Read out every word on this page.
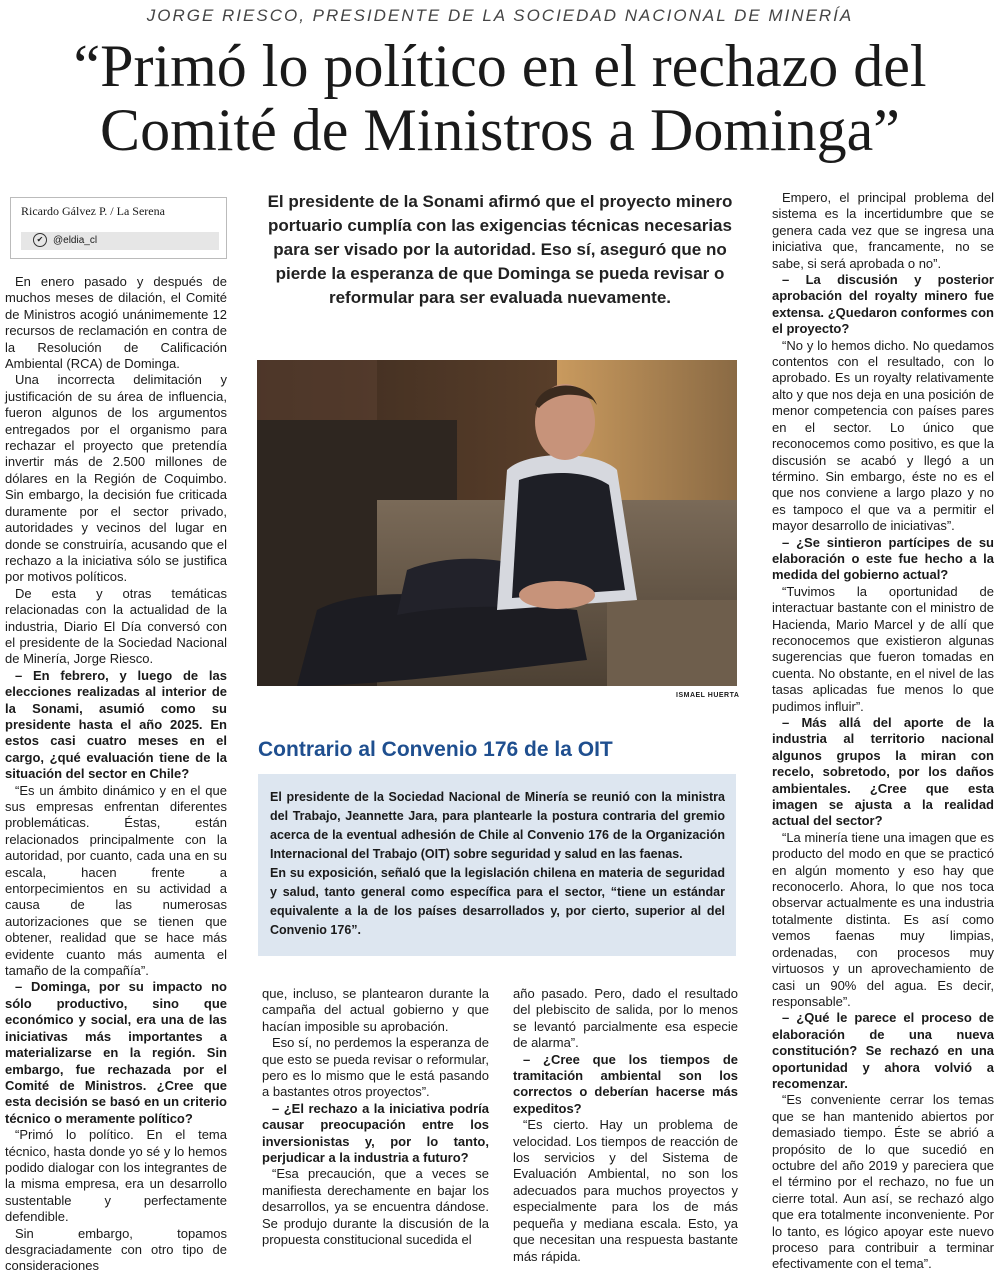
JORGE RIESCO, PRESIDENTE DE LA SOCIEDAD NACIONAL DE MINERÍA
“Primó lo político en el rechazo del
Comité de Ministros a Dominga”
Ricardo Gálvez P. / La Serena
✔ @eldia_cl
El presidente de la Sonami afirmó que el proyecto minero portuario cumplía con las exigencias técnicas necesarias para ser visado por la autoridad. Eso sí, aseguró que no pierde la esperanza de que Dominga se pueda revisar o reformular para ser evaluada nuevamente.
ISMAEL HUERTA
Contrario al Convenio 176 de la OIT

El presidente de la Sociedad Nacional de Minería se reunió con la ministra del Trabajo, Jeannette Jara, para plantearle la postura contraria del gremio acerca de la eventual adhesión de Chile al Convenio 176 de la Organización Internacional del Trabajo (OIT) sobre seguridad y salud en las faenas.

En su exposición, señaló que la legislación chilena en materia de seguridad y salud, tanto general como específica para el sector, “tiene un estándar equivalente a la de los países desarrollados y, por cierto, superior al del Convenio 176”.

En enero pasado y después de muchos meses de dilación, el Comité de Ministros acogió unánimemente 12 recursos de reclamación en contra de la Resolución de Calificación Ambiental (RCA) de Dominga.

Una incorrecta delimitación y justificación de su área de influencia, fueron algunos de los argumentos entregados por el organismo para rechazar el proyecto que pretendía invertir más de 2.500 millones de dólares en la Región de Coquimbo. Sin embargo, la decisión fue criticada duramente por el sector privado, autoridades y vecinos del lugar en donde se construiría, acusando que el rechazo a la iniciativa sólo se justifica por motivos políticos.

De esta y otras temáticas relacionadas con la actualidad de la industria, Diario El Día conversó con el presidente de la Sociedad Nacional de Minería, Jorge Riesco.

– En febrero, y luego de las elecciones realizadas al interior de la Sonami, asumió como su presidente hasta el año 2025. En estos casi cuatro meses en el cargo, ¿qué evaluación tiene de la situación del sector en Chile?

“Es un ámbito dinámico y en el que sus empresas enfrentan diferentes problemáticas. Éstas, están relacionados principalmente con la autoridad, por cuanto, cada una en su escala, hacen frente a entorpecimientos en su actividad a causa de las numerosas autorizaciones que se tienen que obtener, realidad que se hace más evidente cuanto más aumenta el tamaño de la compañía”.

– Dominga, por su impacto no sólo productivo, sino que económico y social, era una de las iniciativas más importantes a materializarse en la región. Sin embargo, fue rechazada por el Comité de Ministros. ¿Cree que esta decisión se basó en un criterio técnico o meramente político?

“Primó lo político. En el tema técnico, hasta donde yo sé y lo hemos podido dialogar con los integrantes de la misma empresa, era un desarrollo sustentable y perfectamente defendible.

Sin embargo, topamos desgraciadamente con otro tipo de consideraciones

que, incluso, se plantearon durante la campaña del actual gobierno y que hacían imposible su aprobación.

Eso sí, no perdemos la esperanza de que esto se pueda revisar o reformular, pero es lo mismo que le está pasando a bastantes otros proyectos”.

– ¿El rechazo a la iniciativa podría causar preocupación entre los inversionistas y, por lo tanto, perjudicar a la industria a futuro?

“Esa precaución, que a veces se manifiesta derechamente en bajar los desarrollos, ya se encuentra dándose. Se produjo durante la discusión de la propuesta constitucional sucedida el

año pasado. Pero, dado el resultado del plebiscito de salida, por lo menos se levantó parcialmente esa especie de alarma”.

– ¿Cree que los tiempos de tramitación ambiental son los correctos o deberían hacerse más expeditos?

“Es cierto. Hay un problema de velocidad. Los tiempos de reacción de los servicios y del Sistema de Evaluación Ambiental, no son los adecuados para muchos proyectos y especialmente para los de más pequeña y mediana escala. Esto, ya que necesitan una respuesta bastante más rápida.

Empero, el principal problema del sistema es la incertidumbre que se genera cada vez que se ingresa una iniciativa que, francamente, no se sabe, si será aprobada o no”.

– La discusión y posterior aprobación del royalty minero fue extensa. ¿Quedaron conformes con el proyecto?

“No y lo hemos dicho. No quedamos contentos con el resultado, con lo aprobado. Es un royalty relativamente alto y que nos deja en una posición de menor competencia con países pares en el sector. Lo único que reconocemos como positivo, es que la discusión se acabó y llegó a un término. Sin embargo, éste no es el que nos conviene a largo plazo y no es tampoco el que va a permitir el mayor desarrollo de iniciativas”.

– ¿Se sintieron partícipes de su elaboración o este fue hecho a la medida del gobierno actual?

“Tuvimos la oportunidad de interactuar bastante con el ministro de Hacienda, Mario Marcel y de allí que reconocemos que existieron algunas sugerencias que fueron tomadas en cuenta. No obstante, en el nivel de las tasas aplicadas fue menos lo que pudimos influir”.

– Más allá del aporte de la industria al territorio nacional algunos grupos la miran con recelo, sobretodo, por los daños ambientales. ¿Cree que esta imagen se ajusta a la realidad actual del sector?

“La minería tiene una imagen que es producto del modo en que se practicó en algún momento y eso hay que reconocerlo. Ahora, lo que nos toca observar actualmente es una industria totalmente distinta. Es así como vemos faenas muy limpias, ordenadas, con procesos muy virtuosos y un aprovechamiento de casi un 90% del agua. Es decir, responsable”.

– ¿Qué le parece el proceso de elaboración de una nueva constitución? Se rechazó en una oportunidad y ahora volvió a recomenzar.

“Es conveniente cerrar los temas que se han mantenido abiertos por demasiado tiempo. Éste se abrió a propósito de lo que sucedió en octubre del año 2019 y pareciera que el término por el rechazo, no fue un cierre total. Aun así, se rechazó algo que era totalmente inconveniente. Por lo tanto, es lógico apoyar este nuevo proceso para contribuir a terminar efectivamente con el tema”.
